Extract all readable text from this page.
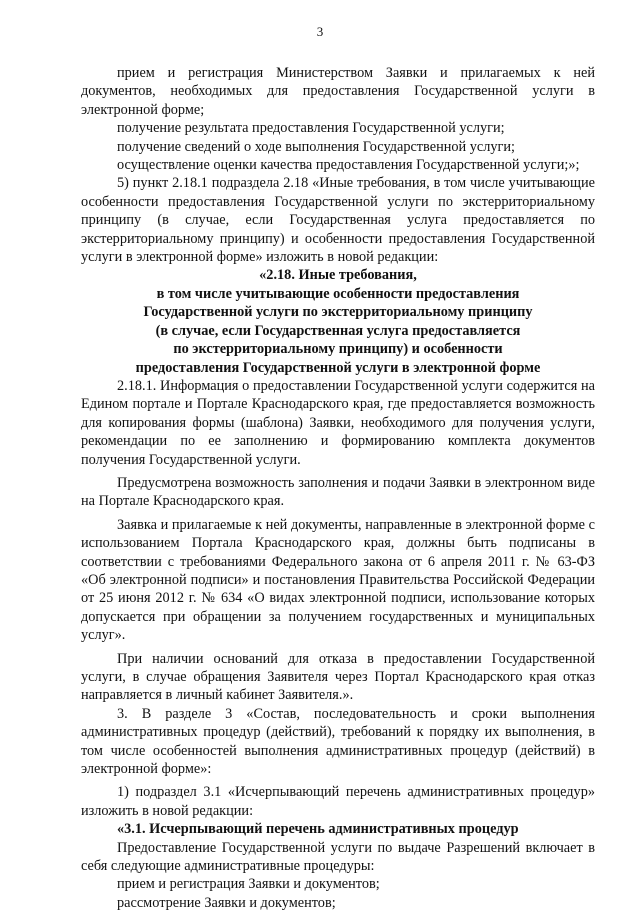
3

прием и регистрация Министерством Заявки и прилагаемых к ней документов, необходимых для предоставления Государственной услуги в электронной форме;

получение результата предоставления Государственной услуги;

получение сведений о ходе выполнения Государственной услуги;

осуществление оценки качества предоставления Государственной услуги;»;

5) пункт 2.18.1 подраздела 2.18 «Иные требования, в том числе учитывающие особенности предоставления Государственной услуги по экстерриториальному принципу (в случае, если Государственная услуга предоставляется по экстерриториальному принципу) и особенности предоставления Государственной услуги в электронной форме» изложить в новой редакции:

«2.18. Иные требования,

в том числе учитывающие особенности предоставления

Государственной услуги по экстерриториальному принципу

(в случае, если Государственная услуга предоставляется

по экстерриториальному принципу) и особенности

предоставления Государственной услуги в электронной форме

2.18.1. Информация о предоставлении Государственной услуги содержится на Едином портале и Портале Краснодарского края, где предоставляется возможность для копирования формы (шаблона) Заявки, необходимого для получения услуги, рекомендации по ее заполнению и формированию комплекта документов получения Государственной услуги.

Предусмотрена возможность заполнения и подачи Заявки в электронном виде на Портале Краснодарского края.

Заявка и прилагаемые к ней документы, направленные в электронной форме с использованием Портала Краснодарского края, должны быть подписаны в соответствии с требованиями Федерального закона от 6 апреля 2011 г. № 63-ФЗ «Об электронной подписи» и постановления Правительства Российской Федерации от 25 июня 2012 г. № 634 «О видах электронной подписи, использование которых допускается при обращении за получением государственных и муниципальных услуг».

При наличии оснований для отказа в предоставлении Государственной услуги, в случае обращения Заявителя через Портал Краснодарского края отказ направляется в личный кабинет Заявителя.».

3. В разделе 3 «Состав, последовательность и сроки выполнения административных процедур (действий), требований к порядку их выполнения, в том числе особенностей выполнения административных процедур (действий) в электронной форме»:

1) подраздел 3.1 «Исчерпывающий перечень административных процедур» изложить в новой редакции:

«3.1. Исчерпывающий перечень административных процедур

Предоставление Государственной услуги по выдаче Разрешений включает в себя следующие административные процедуры:

прием и регистрация Заявки и документов;

рассмотрение Заявки и документов;
